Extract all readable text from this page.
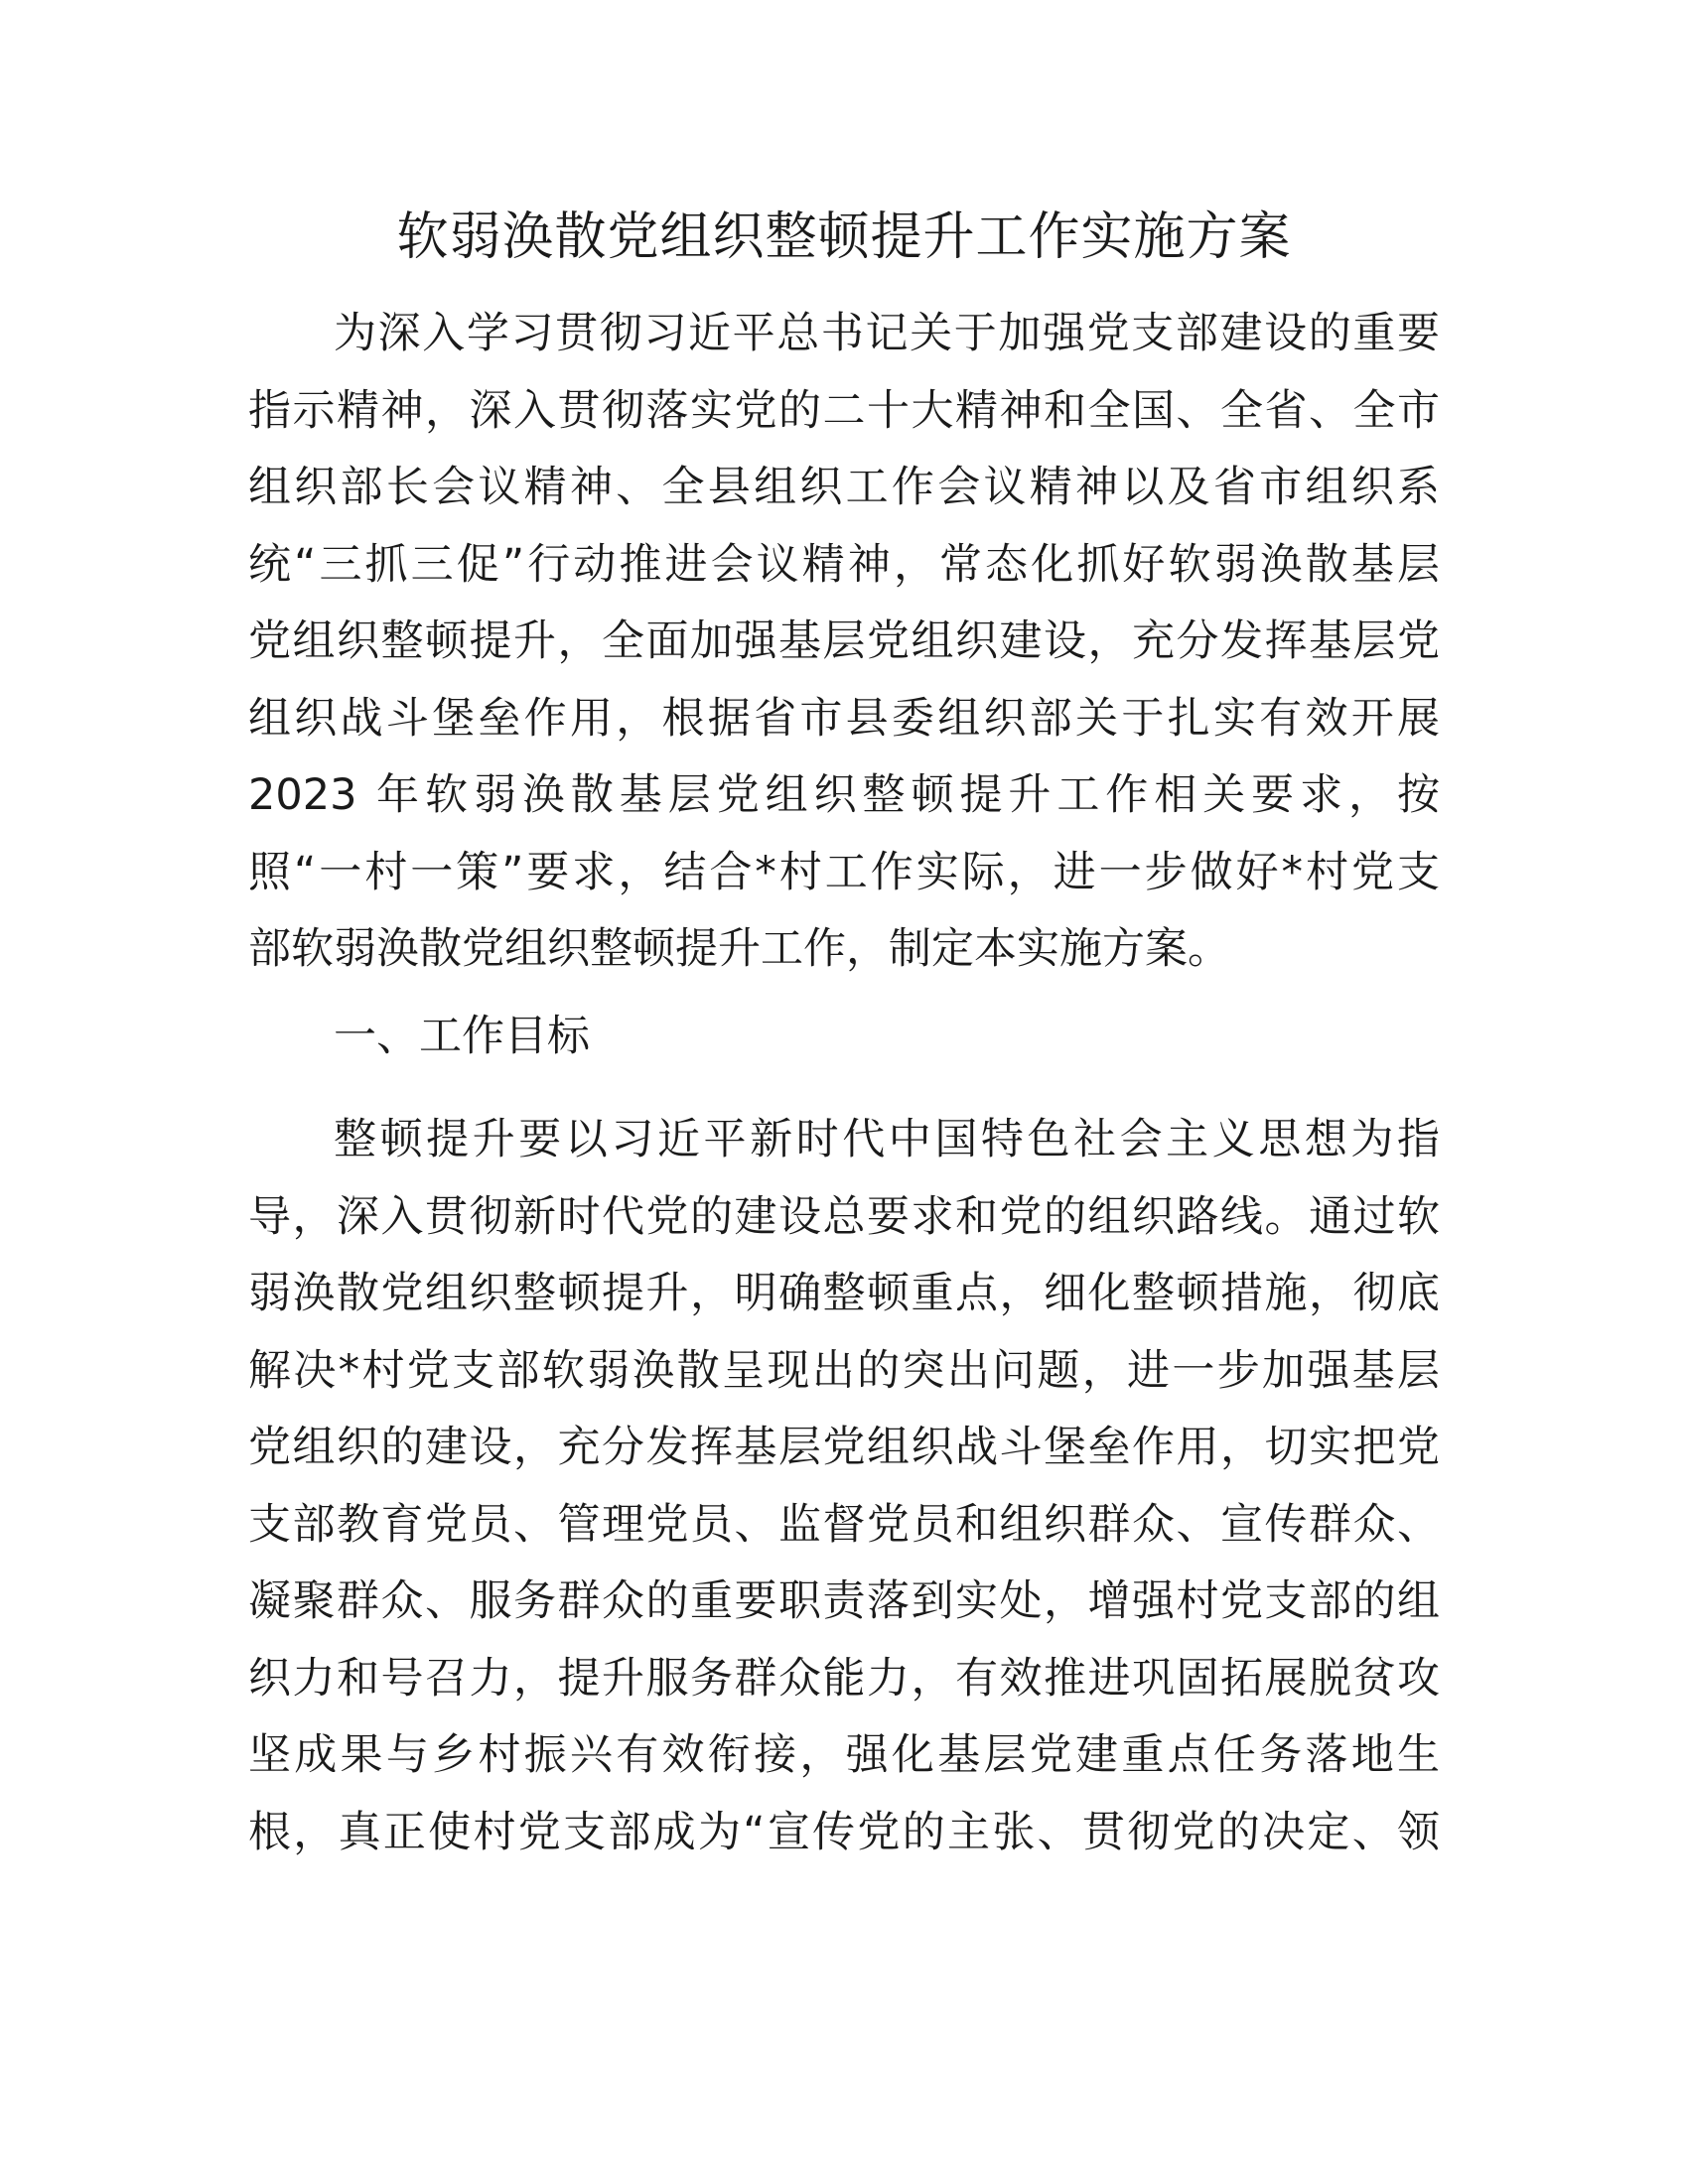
软弱涣散党组织整顿提升工作实施方案
为深入学习贯彻习近平总书记关于加强党支部建设的重要
指示精神，深入贯彻落实党的二十大精神和全国、全省、全市
组织部长会议精神、全县组织工作会议精神以及省市组织系
统“三抓三促”行动推进会议精神，常态化抓好软弱涣散基层
党组织整顿提升，全面加强基层党组织建设，充分发挥基层党
组织战斗堡垒作用，根据省市县委组织部关于扎实有效开展
2023 年软弱涣散基层党组织整顿提升工作相关要求，按
照“一村一策”要求，结合*村工作实际，进一步做好*村党支
部软弱涣散党组织整顿提升工作，制定本实施方案。
一、工作目标
整顿提升要以习近平新时代中国特色社会主义思想为指
导，深入贯彻新时代党的建设总要求和党的组织路线。通过软
弱涣散党组织整顿提升，明确整顿重点，细化整顿措施，彻底
解决*村党支部软弱涣散呈现出的突出问题，进一步加强基层
党组织的建设，充分发挥基层党组织战斗堡垒作用，切实把党
支部教育党员、管理党员、监督党员和组织群众、宣传群众、
凝聚群众、服务群众的重要职责落到实处，增强村党支部的组
织力和号召力，提升服务群众能力，有效推进巩固拓展脱贫攻
坚成果与乡村振兴有效衔接，强化基层党建重点任务落地生
根，真正使村党支部成为“宣传党的主张、贯彻党的决定、领
